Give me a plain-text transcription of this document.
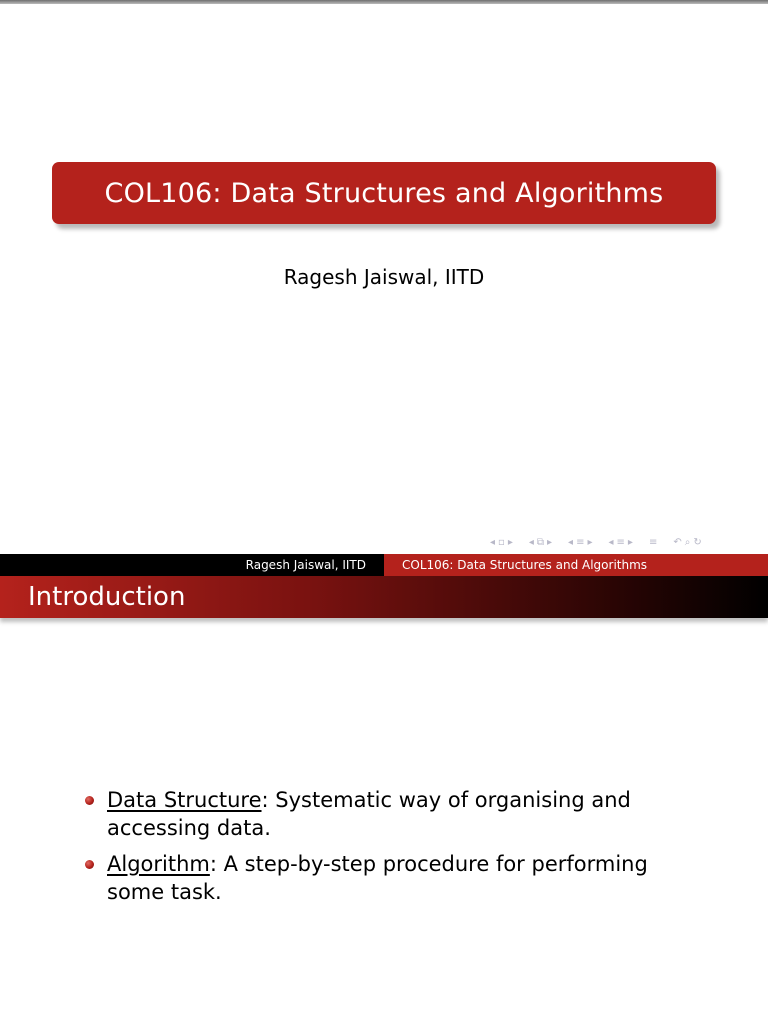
COL106: Data Structures and Algorithms
Ragesh Jaiswal, IITD
◂ ▫ ▸ ◂ ⧉ ▸ ◂ ≡ ▸ ◂ ≡ ▸ ≡ ↶ ⌕ ↻
Ragesh Jaiswal, IITD	COL106: Data Structures and Algorithms
Introduction
Data Structure: Systematic way of organising and accessing data.
Algorithm: A step-by-step procedure for performing some task.
